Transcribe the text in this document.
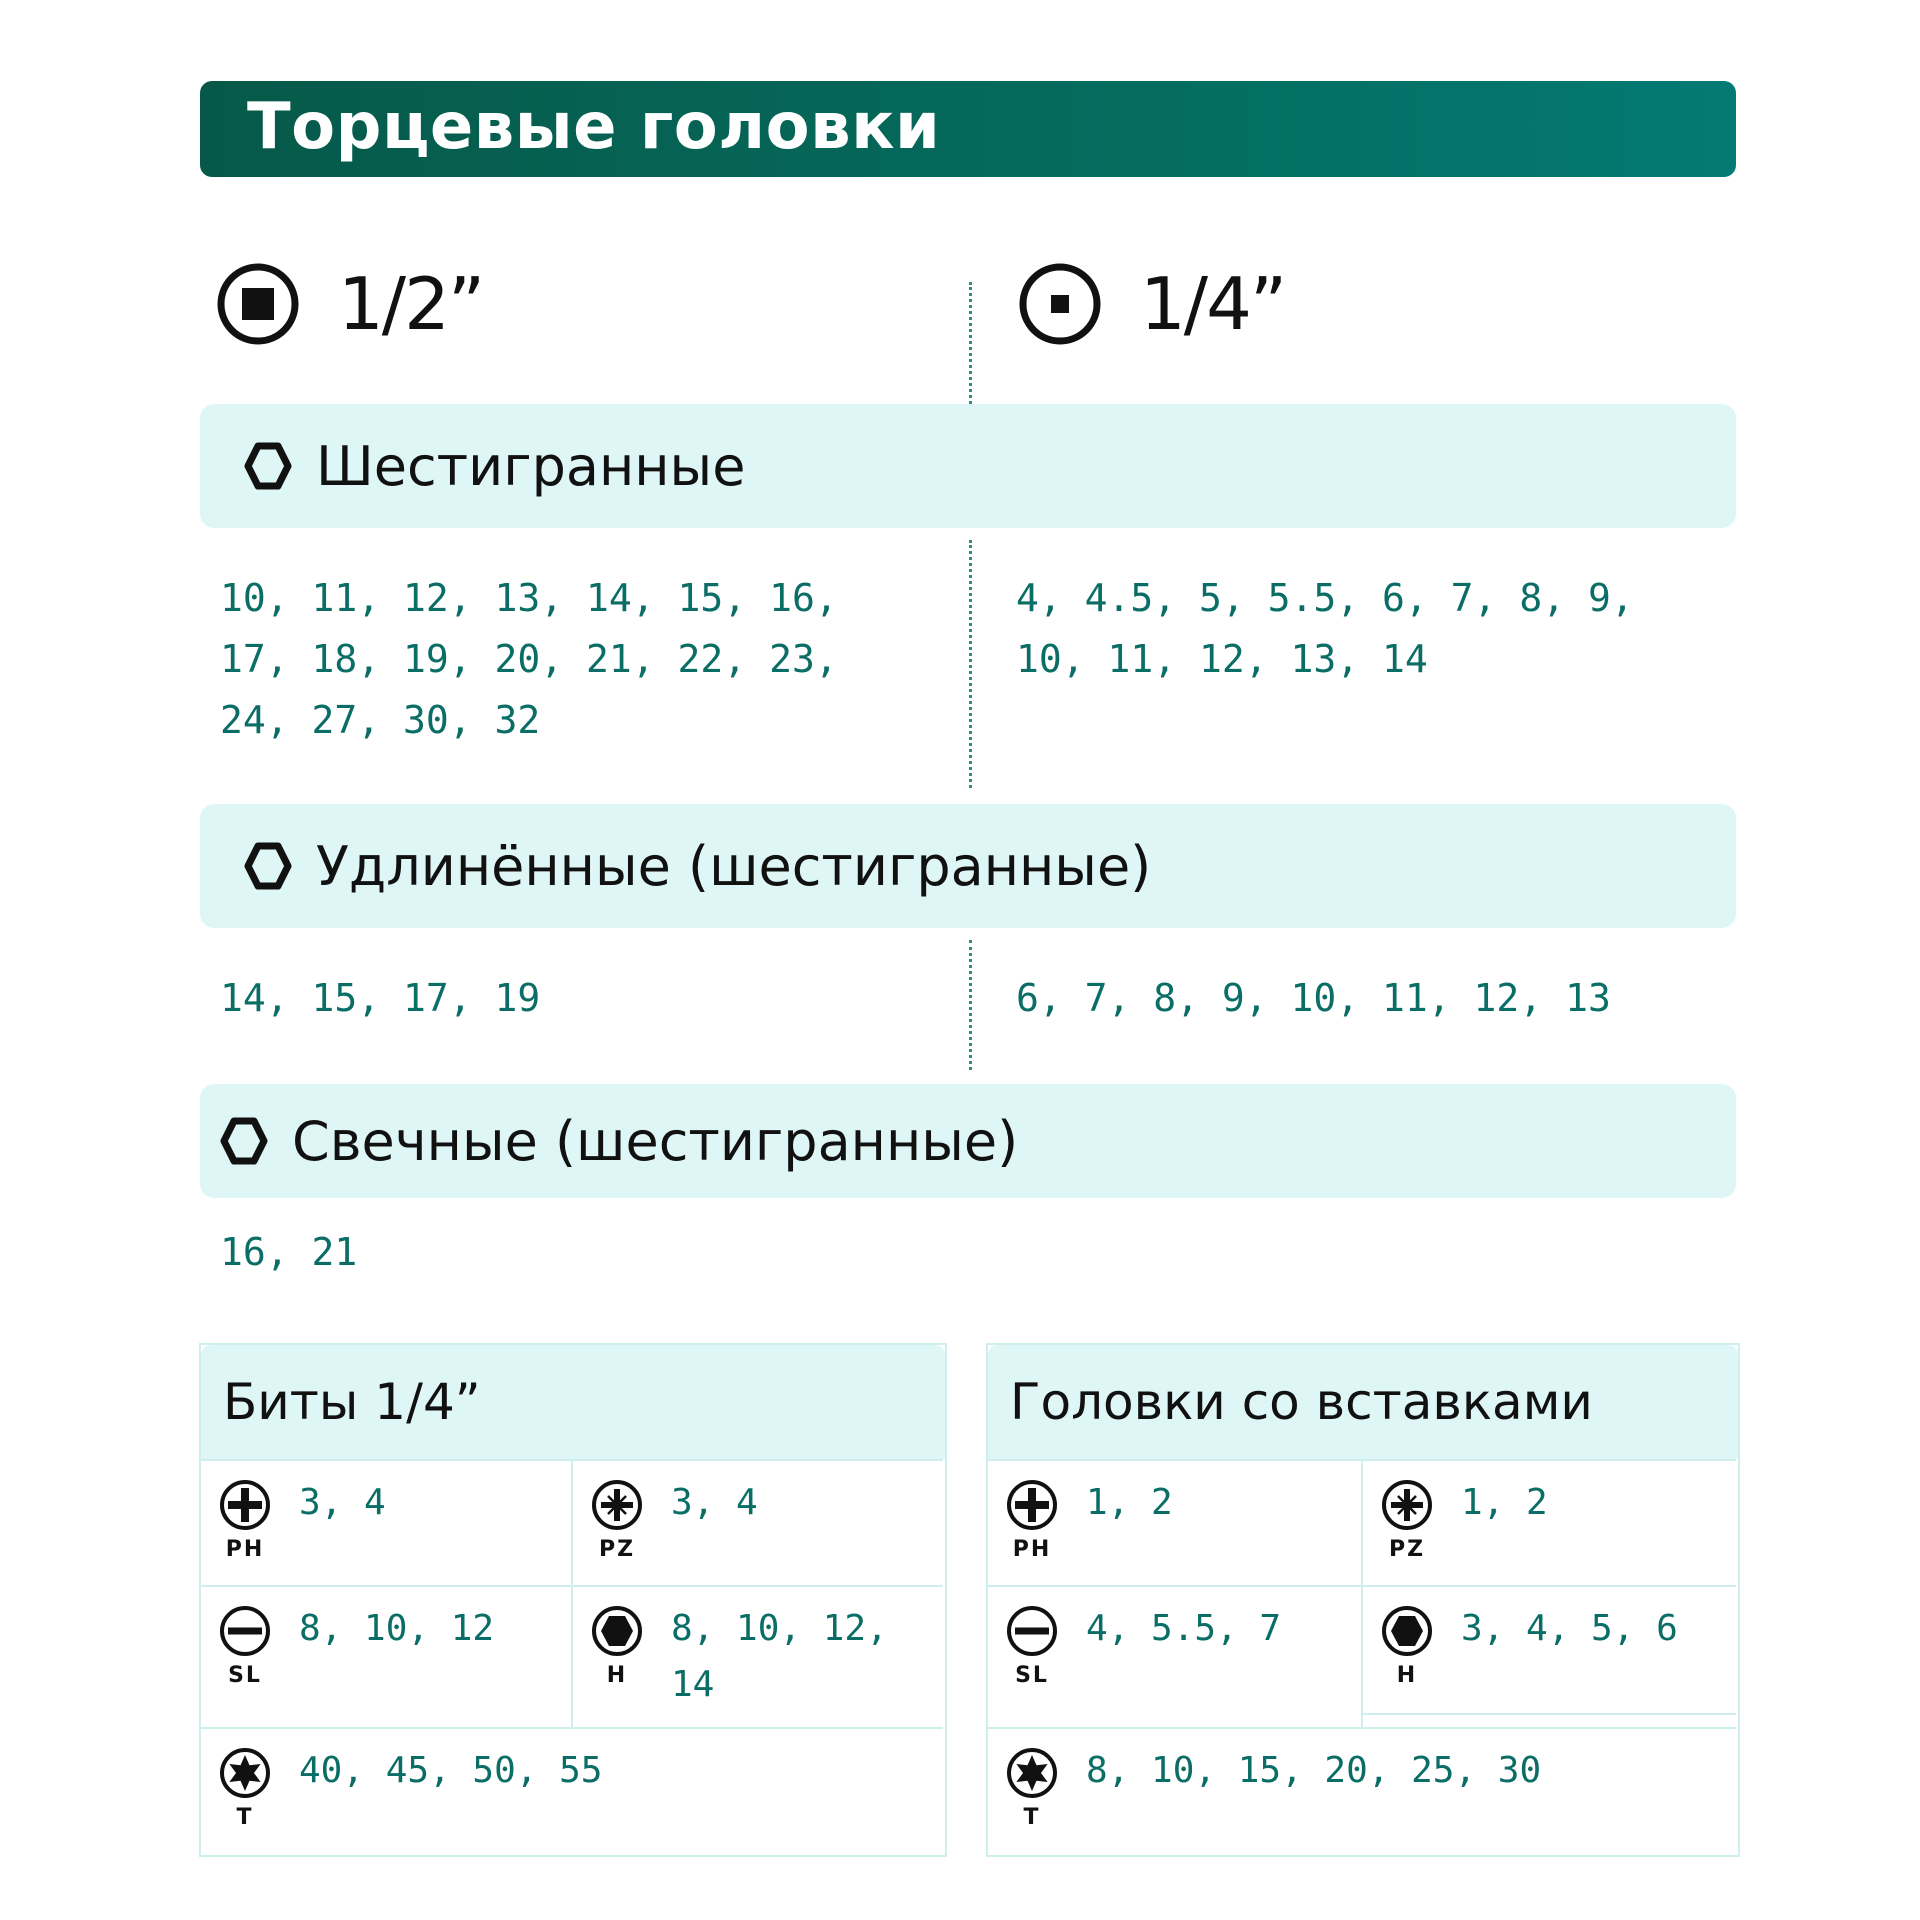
Торцевые головки
1/2”	1/4”
Шестигранные
10, 11, 12, 13, 14, 15, 16,
17, 18, 19, 20, 21, 22, 23,
24, 27, 30, 32
4, 4.5, 5, 5.5, 6, 7, 8, 9,
10, 11, 12, 13, 14
Удлинённые (шестигранные)
14, 15, 17, 19	6, 7, 8, 9, 10, 11, 12, 13
Свечные (шестигранные)
16, 21
Биты 1/4”
PH
3, 4
PZ
3, 4
SL
8, 10, 12
H
8, 10, 12,
14
T
40, 45, 50, 55
Головки со вставками
PH
1, 2
PZ
1, 2
SL
4, 5.5, 7
H
3, 4, 5, 6
T
8, 10, 15, 20, 25, 30
